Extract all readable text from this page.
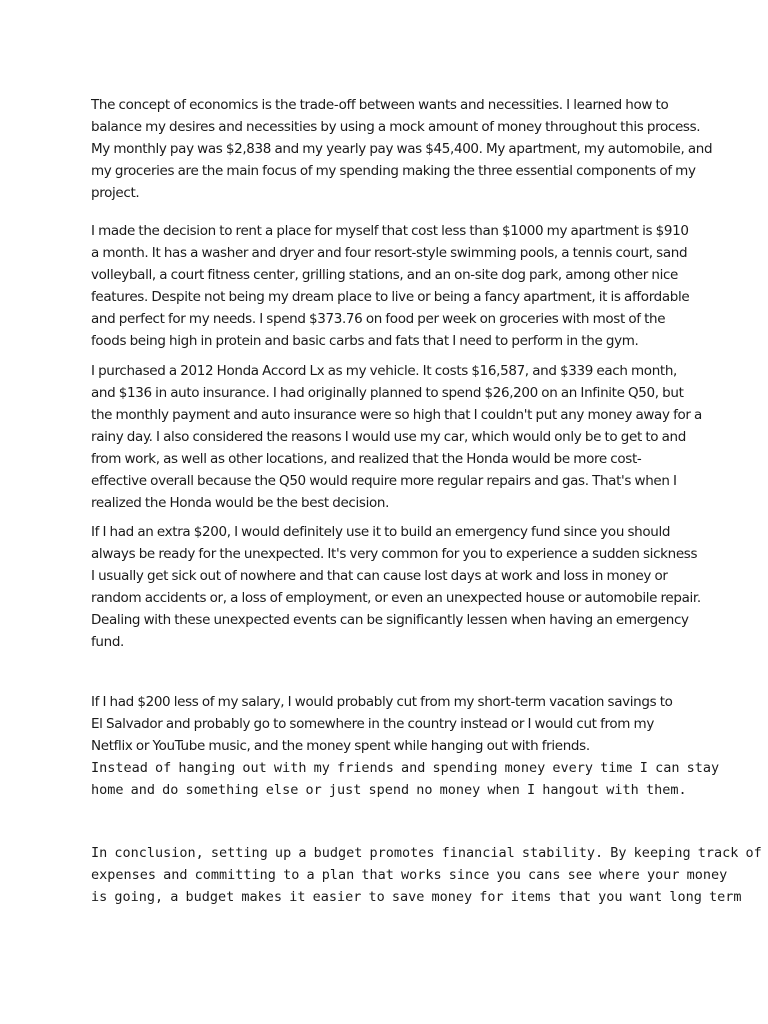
The concept of economics is the trade-off between wants and necessities. I learned how to
balance my desires and necessities by using a mock amount of money throughout this process.
My monthly pay was $2,838 and my yearly pay was $45,400. My apartment, my automobile, and
my groceries are the main focus of my spending making the three essential components of my
project.
I made the decision to rent a place for myself that cost less than $1000 my apartment is $910
a month. It has a washer and dryer and four resort-style swimming pools, a tennis court, sand
volleyball, a court fitness center, grilling stations, and an on-site dog park, among other nice
features. Despite not being my dream place to live or being a fancy apartment, it is affordable
and perfect for my needs. I spend $373.76 on food per week on groceries with most of the
foods being high in protein and basic carbs and fats that I need to perform in the gym.
I purchased a 2012 Honda Accord Lx as my vehicle. It costs $16,587, and $339 each month,
and $136 in auto insurance. I had originally planned to spend $26,200 on an Infinite Q50, but
the monthly payment and auto insurance were so high that I couldn't put any money away for a
rainy day. I also considered the reasons I would use my car, which would only be to get to and
from work, as well as other locations, and realized that the Honda would be more cost-
effective overall because the Q50 would require more regular repairs and gas. That's when I
realized the Honda would be the best decision.
If I had an extra $200, I would definitely use it to build an emergency fund since you should
always be ready for the unexpected. It's very common for you to experience a sudden sickness
I usually get sick out of nowhere and that can cause lost days at work and loss in money or
random accidents or, a loss of employment, or even an unexpected house or automobile repair.
Dealing with these unexpected events can be significantly lessen when having an emergency
fund.
If I had $200 less of my salary, I would probably cut from my short-term vacation savings to
El Salvador and probably go to somewhere in the country instead or I would cut from my
Netflix or YouTube music, and the money spent while hanging out with friends.
Instead of hanging out with my friends and spending money every time I can stay
home and do something else or just spend no money when I hangout with them.
In conclusion, setting up a budget promotes financial stability. By keeping track of
expenses and committing to a plan that works since you cans see where your money
is going, a budget makes it easier to save money for items that you want long term
